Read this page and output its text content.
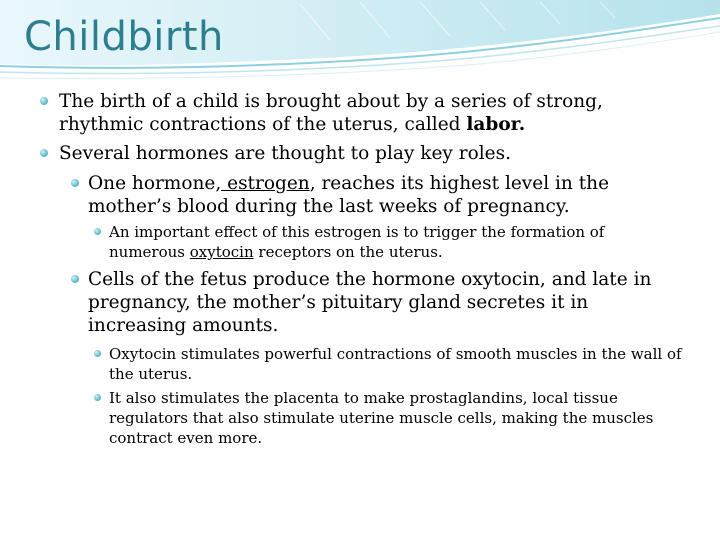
Childbirth
The birth of a child is brought about by a series of strong, rhythmic contractions of the uterus, called labor.
Several hormones are thought to play key roles.
One hormone, estrogen, reaches its highest level in the mother’s blood during the last weeks of pregnancy.
An important effect of this estrogen is to trigger the formation of numerous oxytocin receptors on the uterus.
Cells of the fetus produce the hormone oxytocin, and late in pregnancy, the mother’s pituitary gland secretes it in increasing amounts.
Oxytocin stimulates powerful contractions of smooth muscles in the wall of the uterus.
It also stimulates the placenta to make prostaglandins, local tissue regulators that also stimulate uterine muscle cells, making the muscles contract even more.
